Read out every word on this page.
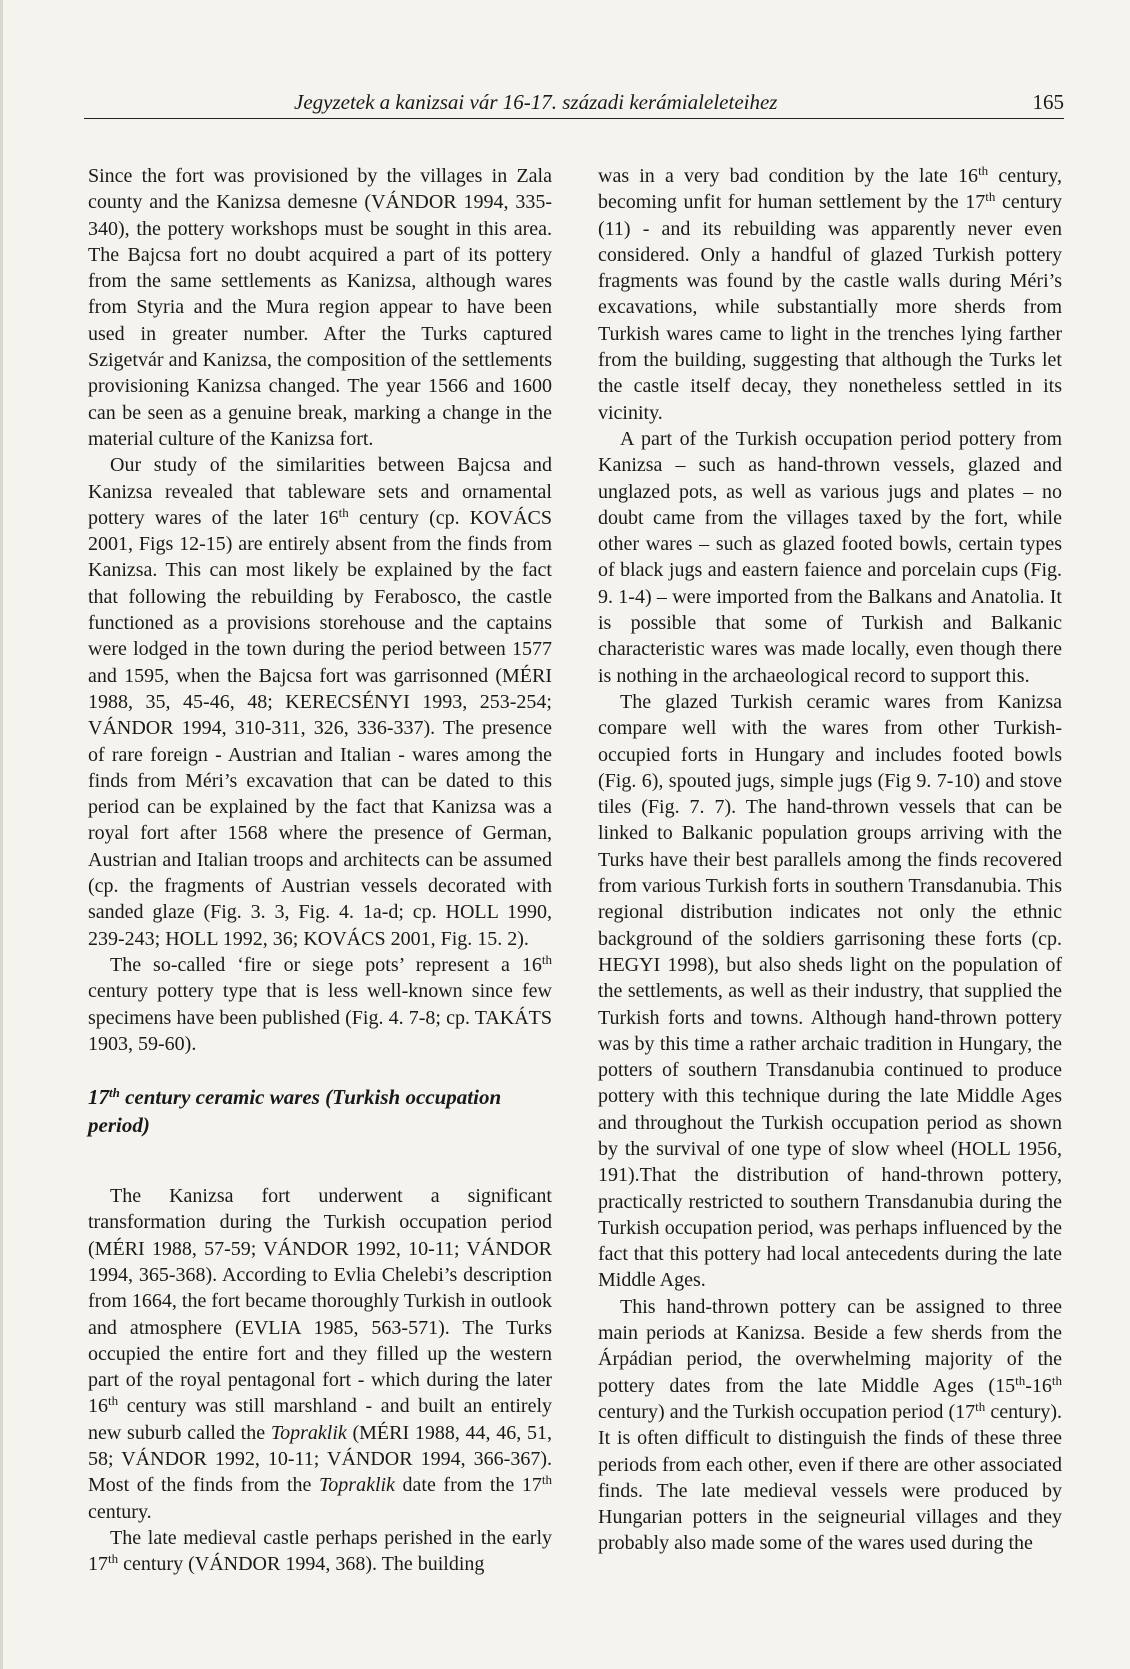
Jegyzetek a kanizsai vár 16-17. századi kerámialeleteihez	165

Since the fort was provisioned by the villages in Zala county and the Kanizsa demesne (VÁNDOR 1994, 335-340), the pottery workshops must be sought in this area. The Bajcsa fort no doubt acquired a part of its pottery from the same settlements as Kanizsa, although wares from Styria and the Mura region appear to have been used in greater number. After the Turks captured Szigetvár and Kanizsa, the composition of the settlements provisioning Kanizsa changed. The year 1566 and 1600 can be seen as a genuine break, marking a change in the material culture of the Kanizsa fort.

Our study of the similarities between Bajcsa and Kanizsa revealed that tableware sets and ornamental pottery wares of the later 16th century (cp. KOVÁCS 2001, Figs 12-15) are entirely absent from the finds from Kanizsa. This can most likely be explained by the fact that following the rebuilding by Ferabosco, the castle functioned as a provisions storehouse and the captains were lodged in the town during the period between 1577 and 1595, when the Bajcsa fort was garrisonned (MÉRI 1988, 35, 45-46, 48; KERECSÉNYI 1993, 253-254; VÁNDOR 1994, 310-311, 326, 336-337). The presence of rare foreign - Austrian and Italian - wares among the finds from Méri’s excavation that can be dated to this period can be explained by the fact that Kanizsa was a royal fort after 1568 where the presence of German, Austrian and Italian troops and architects can be assumed (cp. the fragments of Austrian vessels decorated with sanded glaze (Fig. 3. 3, Fig. 4. 1a-d; cp. HOLL 1990, 239-243; HOLL 1992, 36; KOVÁCS 2001, Fig. 15. 2).

The so-called ‘fire or siege pots’ represent a 16th century pottery type that is less well-known since few specimens have been published (Fig. 4. 7-8; cp. TAKÁTS 1903, 59-60).

17th century ceramic wares (Turkish occupation period)

The Kanizsa fort underwent a significant transformation during the Turkish occupation period (MÉRI 1988, 57-59; VÁNDOR 1992, 10-11; VÁNDOR 1994, 365-368). According to Evlia Chelebi’s description from 1664, the fort became thoroughly Turkish in outlook and atmosphere (EVLIA 1985, 563-571). The Turks occupied the entire fort and they filled up the western part of the royal pentagonal fort - which during the later 16th century was still marshland - and built an entirely new suburb called the Topraklik (MÉRI 1988, 44, 46, 51, 58; VÁNDOR 1992, 10-11; VÁNDOR 1994, 366-367). Most of the finds from the Topraklik date from the 17th century.

The late medieval castle perhaps perished in the early 17th century (VÁNDOR 1994, 368). The building

was in a very bad condition by the late 16th century, becoming unfit for human settlement by the 17th century (11) - and its rebuilding was apparently never even considered. Only a handful of glazed Turkish pottery fragments was found by the castle walls during Méri’s excavations, while substantially more sherds from Turkish wares came to light in the trenches lying farther from the building, suggesting that although the Turks let the castle itself decay, they nonetheless settled in its vicinity.

A part of the Turkish occupation period pottery from Kanizsa – such as hand-thrown vessels, glazed and unglazed pots, as well as various jugs and plates – no doubt came from the villages taxed by the fort, while other wares – such as glazed footed bowls, certain types of black jugs and eastern faience and porcelain cups (Fig. 9. 1-4) – were imported from the Balkans and Anatolia. It is possible that some of Turkish and Balkanic characteristic wares was made locally, even though there is nothing in the archaeological record to support this.

The glazed Turkish ceramic wares from Kanizsa compare well with the wares from other Turkish-occupied forts in Hungary and includes footed bowls (Fig. 6), spouted jugs, simple jugs (Fig 9. 7-10) and stove tiles (Fig. 7. 7). The hand-thrown vessels that can be linked to Balkanic population groups arriving with the Turks have their best parallels among the finds recovered from various Turkish forts in southern Transdanubia. This regional distribution indicates not only the ethnic background of the soldiers garrisoning these forts (cp. HEGYI 1998), but also sheds light on the population of the settlements, as well as their industry, that supplied the Turkish forts and towns. Although hand-thrown pottery was by this time a rather archaic tradition in Hungary, the potters of southern Transdanubia continued to produce pottery with this technique during the late Middle Ages and throughout the Turkish occupation period as shown by the survival of one type of slow wheel (HOLL 1956, 191).That the distribution of hand-thrown pottery, practically restricted to southern Transdanubia during the Turkish occupation period, was perhaps influenced by the fact that this pottery had local antecedents during the late Middle Ages.

This hand-thrown pottery can be assigned to three main periods at Kanizsa. Beside a few sherds from the Árpádian period, the overwhelming majority of the pottery dates from the late Middle Ages (15th-16th century) and the Turkish occupation period (17th century). It is often difficult to distinguish the finds of these three periods from each other, even if there are other associated finds. The late medieval vessels were produced by Hungarian potters in the seigneurial villages and they probably also made some of the wares used during the
